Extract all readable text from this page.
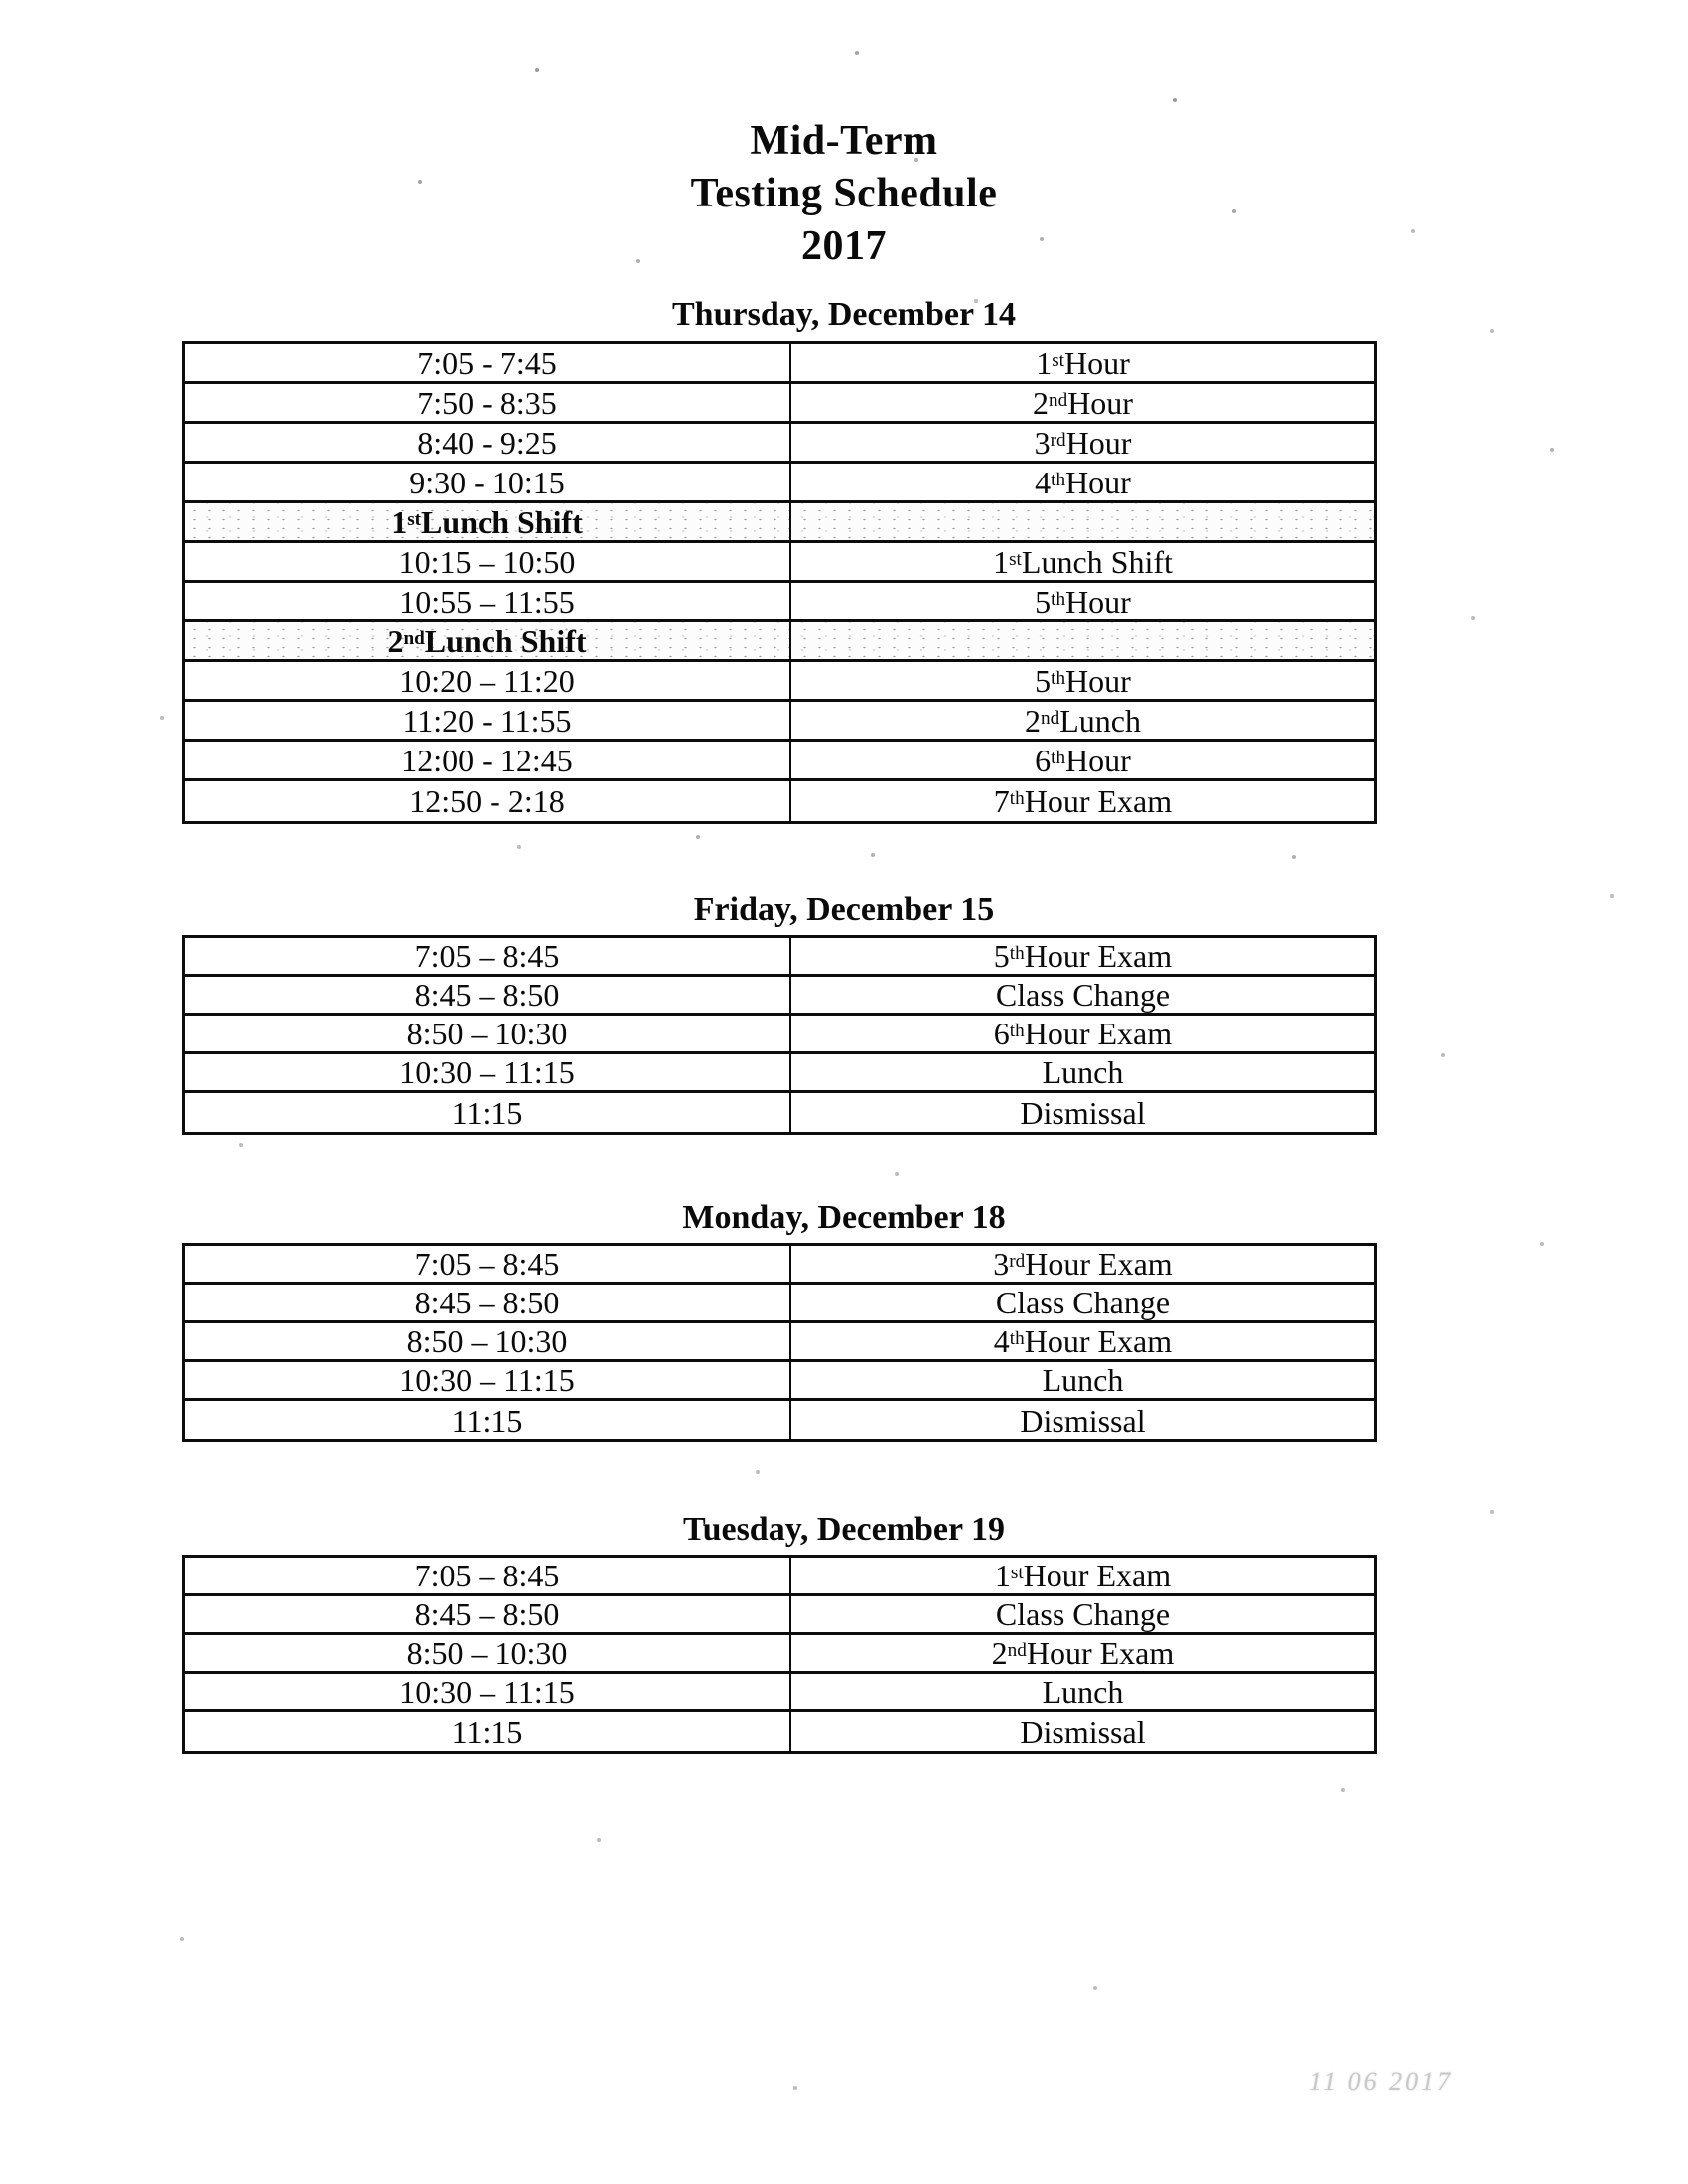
Mid-Term
Testing Schedule
2017
Thursday, December 14
7:05 - 7:45	1 st Hour
7:50 - 8:35	2 nd Hour
8:40 - 9:25	3 rd Hour
9:30 - 10:15	4 th Hour
1 st Lunch Shift
10:15 – 10:50	1 st Lunch Shift
10:55 – 11:55	5 th Hour
2 nd Lunch Shift
10:20 – 11:20	5 th Hour
11:20 - 11:55	2 nd Lunch
12:00 - 12:45	6 th Hour
12:50 - 2:18	7 th Hour Exam
Friday, December 15
7:05 – 8:45	5 th Hour Exam
8:45 – 8:50	Class Change
8:50 – 10:30	6 th Hour Exam
10:30 – 11:15	Lunch
11:15	Dismissal
Monday, December 18
7:05 – 8:45	3 rd Hour Exam
8:45 – 8:50	Class Change
8:50 – 10:30	4 th Hour Exam
10:30 – 11:15	Lunch
11:15	Dismissal
Tuesday, December 19
7:05 – 8:45	1 st Hour Exam
8:45 – 8:50	Class Change
8:50 – 10:30	2 nd Hour Exam
10:30 – 11:15	Lunch
11:15	Dismissal
11 06 2017
